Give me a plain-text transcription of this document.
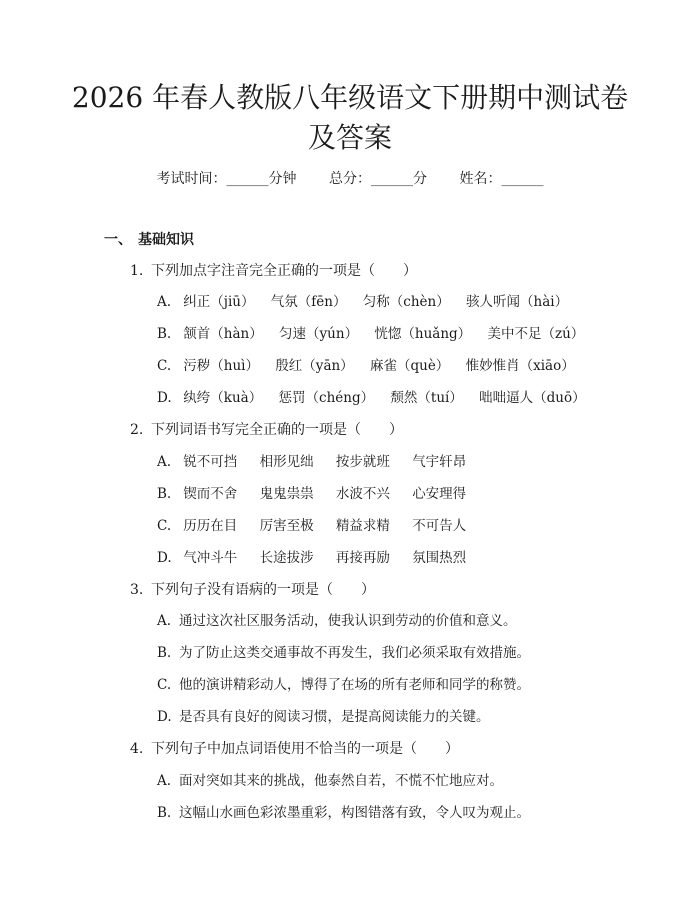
2026 年春人教版八年级语文下册期中测试卷及答案
考试时间：______分钟 总分：______分 姓名：______
一、 基础知识
1. 下列加点字注音完全正确的一项是（　　）
A. 纠正（jiū） 气氛（fēn） 匀称（chèn） 骇人听闻（hài）
B. 颔首（hàn） 匀速（yún） 恍惚（huǎng） 美中不足（zú）
C. 污秽（huì） 殷红（yān） 麻雀（què） 惟妙惟肖（xiāo）
D. 纨绔（kuà） 惩罚（chéng） 颓然（tuí） 咄咄逼人（duō）
2. 下列词语书写完全正确的一项是（　　）
A. 锐不可挡 相形见绌 按步就班 气宇轩昂
B. 锲而不舍 鬼鬼祟祟 水波不兴 心安理得
C. 历历在目 厉害至极 精益求精 不可告人
D. 气冲斗牛 长途拔涉 再接再励 氛围热烈
3. 下列句子没有语病的一项是（　　）
A. 通过这次社区服务活动，使我认识到劳动的价值和意义。
B. 为了防止这类交通事故不再发生，我们必须采取有效措施。
C. 他的演讲精彩动人，博得了在场的所有老师和同学的称赞。
D. 是否具有良好的阅读习惯，是提高阅读能力的关键。
4. 下列句子中加点词语使用不恰当的一项是（　　）
A. 面对突如其来的挑战，他泰然自若，不慌不忙地应对。
B. 这幅山水画色彩浓墨重彩，构图错落有致，令人叹为观止。
